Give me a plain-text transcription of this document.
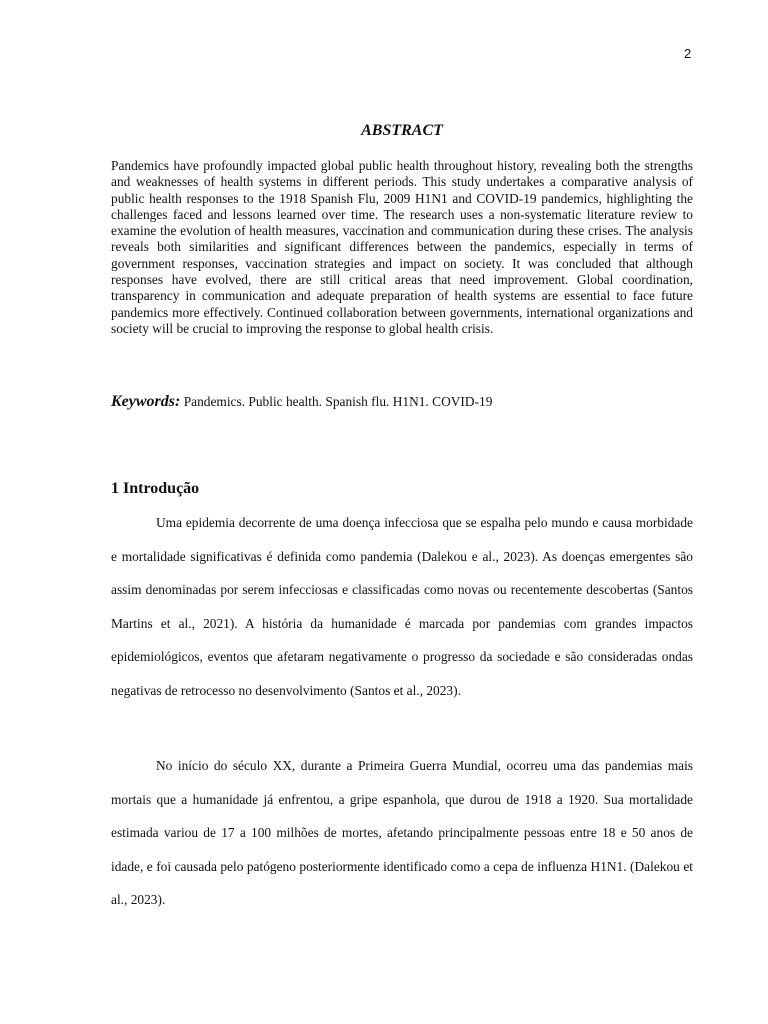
2
ABSTRACT

Pandemics have profoundly impacted global public health throughout history, revealing both the strengths and weaknesses of health systems in different periods. This study undertakes a comparative analysis of public health responses to the 1918 Spanish Flu, 2009 H1N1 and COVID-19 pandemics, highlighting the challenges faced and lessons learned over time. The research uses a non-systematic literature review to examine the evolution of health measures, vaccination and communication during these crises. The analysis reveals both similarities and significant differences between the pandemics, especially in terms of government responses, vaccination strategies and impact on society. It was concluded that although responses have evolved, there are still critical areas that need improvement. Global coordination, transparency in communication and adequate preparation of health systems are essential to face future pandemics more effectively. Continued collaboration between governments, international organizations and society will be crucial to improving the response to global health crisis.

Keywords: Pandemics. Public health. Spanish flu. H1N1. COVID-19

1 Introdução

Uma epidemia decorrente de uma doença infecciosa que se espalha pelo mundo e causa morbidade e mortalidade significativas é definida como pandemia (Dalekou e al., 2023). As doenças emergentes são assim denominadas por serem infecciosas e classificadas como novas ou recentemente descobertas (Santos Martins et al., 2021). A história da humanidade é marcada por pandemias com grandes impactos epidemiológicos, eventos que afetaram negativamente o progresso da sociedade e são consideradas ondas negativas de retrocesso no desenvolvimento (Santos et al., 2023).

No início do século XX, durante a Primeira Guerra Mundial, ocorreu uma das pandemias mais mortais que a humanidade já enfrentou, a gripe espanhola, que durou de 1918 a 1920. Sua mortalidade estimada variou de 17 a 100 milhões de mortes, afetando principalmente pessoas entre 18 e 50 anos de idade, e foi causada pelo patógeno posteriormente identificado como a cepa de influenza H1N1. (Dalekou et al., 2023).
